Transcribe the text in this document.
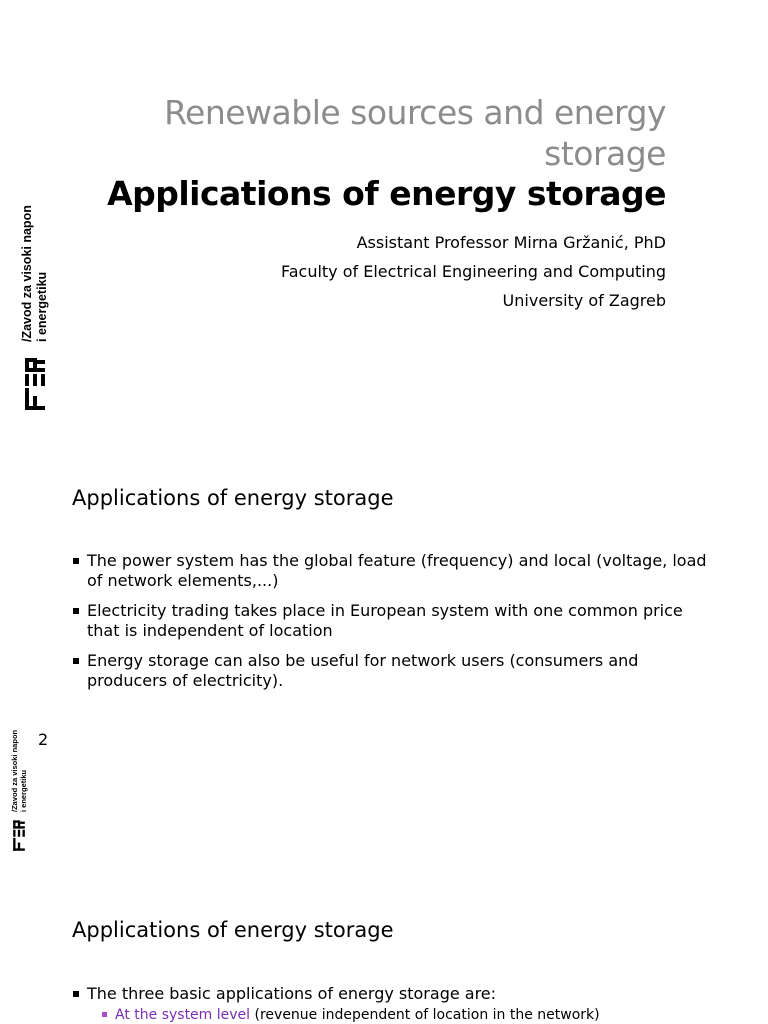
Renewable sources and energy storage
Applications of energy storage
Assistant Professor Mirna Gržanić, PhD
Faculty of Electrical Engineering and Computing
University of Zagreb
/Zavod za visoki napon i energetiku
Applications of energy storage
The power system has the global feature (frequency) and local (voltage, load of network elements,...)
Electricity trading takes place in European system with one common price that is independent of location
Energy storage can also be useful for network users (consumers and producers of electricity).
2
/Zavod za visoki napon i energetiku
Applications of energy storage
The three basic applications of energy storage are:
At the system level (revenue independent of location in the network)
